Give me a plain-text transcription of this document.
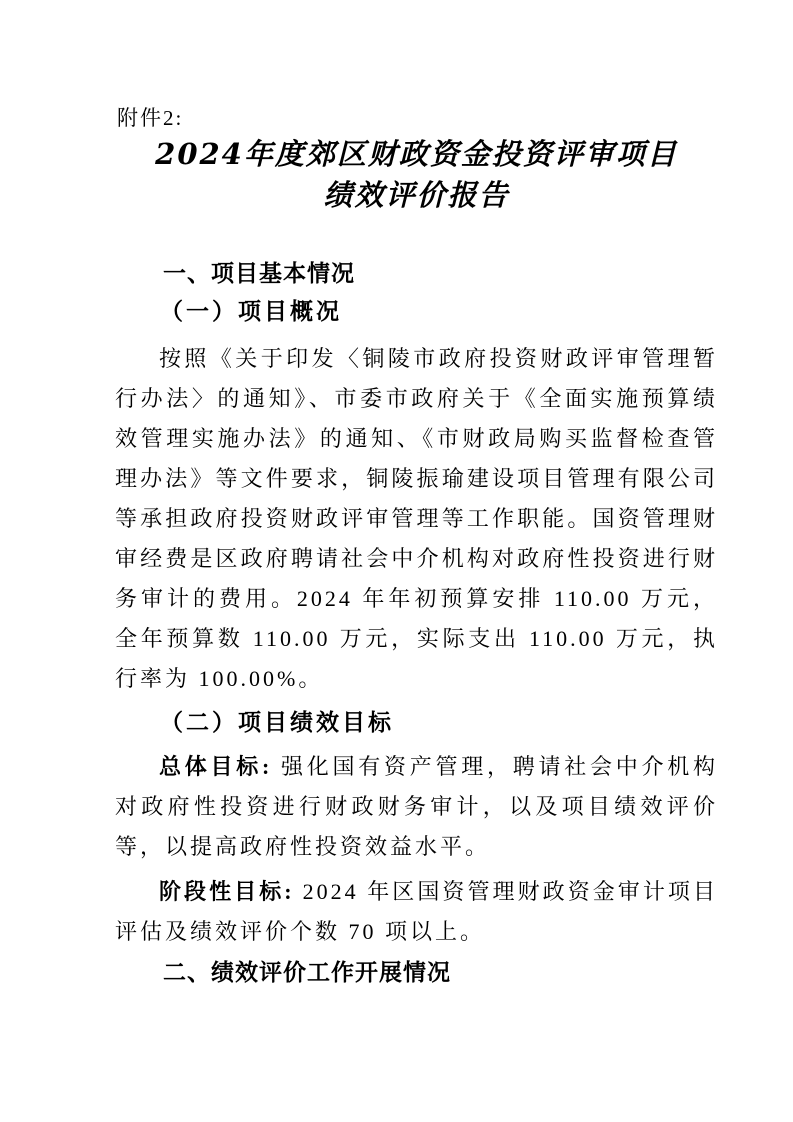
附件2:
2024年度郊区财政资金投资评审项目
绩效评价报告
一、项目基本情况
（一）项目概况
按照《关于印发〈铜陵市政府投资财政评审管理暂行办法〉的通知》、市委市政府关于《全面实施预算绩效管理实施办法》的通知、《市财政局购买监督检查管理办法》等文件要求，铜陵振瑜建设项目管理有限公司等承担政府投资财政评审管理等工作职能。国资管理财审经费是区政府聘请社会中介机构对政府性投资进行财务审计的费用。2024 年年初预算安排 110.00 万元，全年预算数 110.00 万元，实际支出 110.00 万元，执行率为 100.00%。
（二）项目绩效目标
总体目标: 强化国有资产管理，聘请社会中介机构对政府性投资进行财政财务审计，以及项目绩效评价等，以提高政府性投资效益水平。
阶段性目标: 2024 年区国资管理财政资金审计项目评估及绩效评价个数 70 项以上。
二、绩效评价工作开展情况
